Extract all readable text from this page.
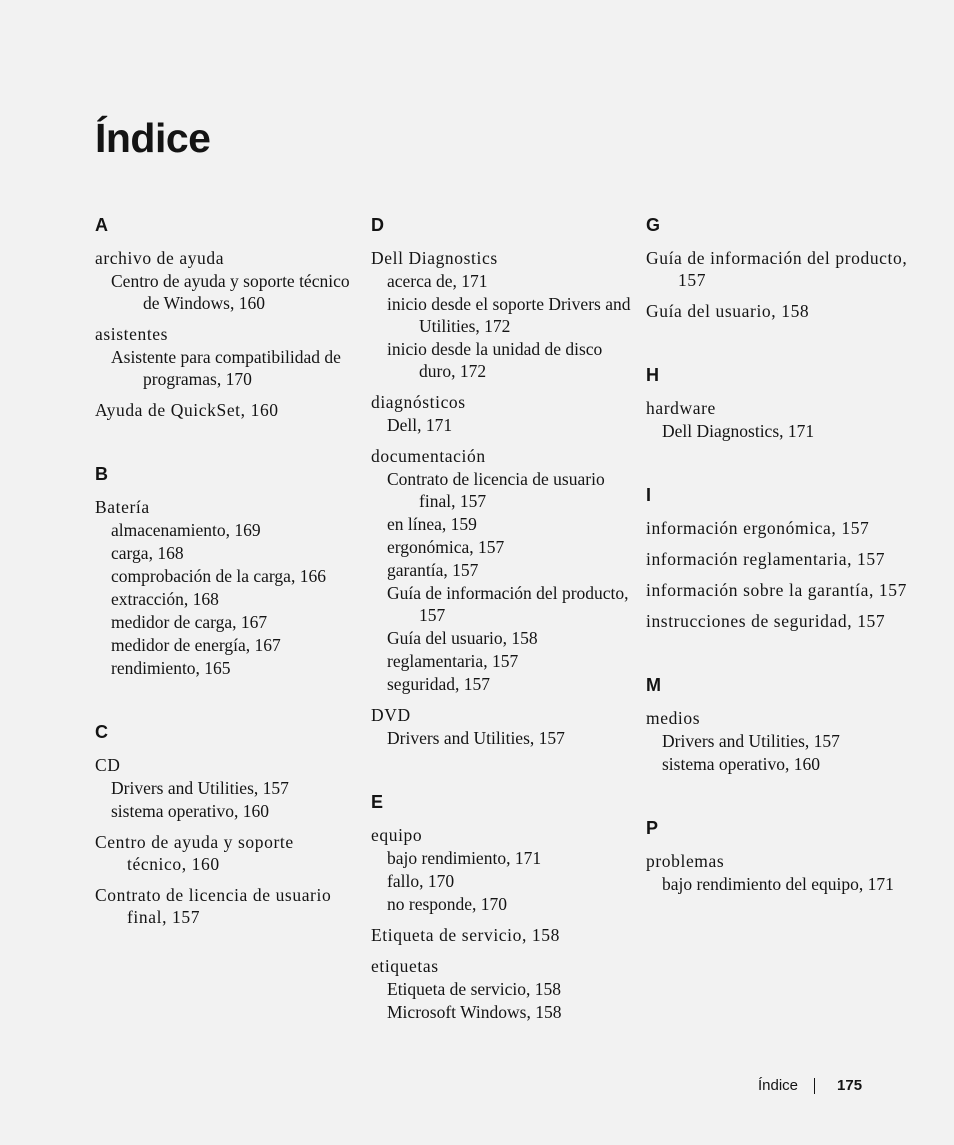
Índice
A
archivo de ayuda
Centro de ayuda y soporte técnico de Windows, 160
asistentes
Asistente para compatibilidad de programas, 170
Ayuda de QuickSet, 160
B
Batería
almacenamiento, 169
carga, 168
comprobación de la carga, 166
extracción, 168
medidor de carga, 167
medidor de energía, 167
rendimiento, 165
C
CD
Drivers and Utilities, 157
sistema operativo, 160
Centro de ayuda y soporte técnico, 160
Contrato de licencia de usuario final, 157
D
Dell Diagnostics
acerca de, 171
inicio desde el soporte Drivers and Utilities, 172
inicio desde la unidad de disco duro, 172
diagnósticos
Dell, 171
documentación
Contrato de licencia de usuario final, 157
en línea, 159
ergonómica, 157
garantía, 157
Guía de información del producto, 157
Guía del usuario, 158
reglamentaria, 157
seguridad, 157
DVD
Drivers and Utilities, 157
E
equipo
bajo rendimiento, 171
fallo, 170
no responde, 170
Etiqueta de servicio, 158
etiquetas
Etiqueta de servicio, 158
Microsoft Windows, 158
G
Guía de información del producto, 157
Guía del usuario, 158
H
hardware
Dell Diagnostics, 171
I
información ergonómica, 157
información reglamentaria, 157
información sobre la garantía, 157
instrucciones de seguridad, 157
M
medios
Drivers and Utilities, 157
sistema operativo, 160
P
problemas
bajo rendimiento del equipo, 171
Índice	175
